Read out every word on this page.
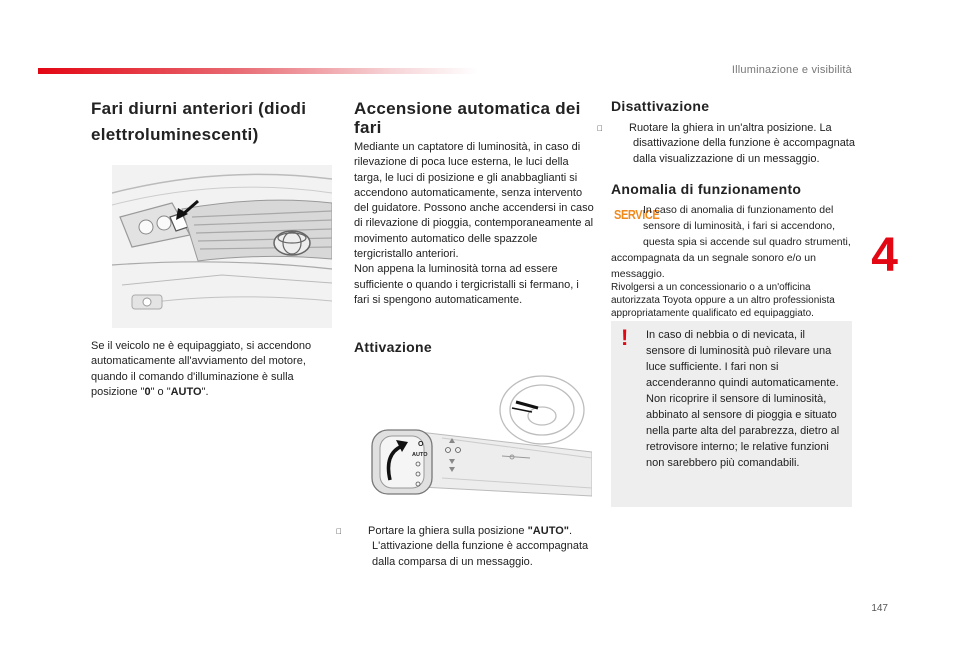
Illuminazione e visibilità
4
147
Fari diurni anteriori (diodi elettroluminescenti)

Se il veicolo ne è equipaggiato, si accendono automaticamente all'avviamento del motore, quando il comando d'illuminazione è sulla posizione "0" o "AUTO".

Accensione automatica dei fari

Mediante un captatore di luminosità, in caso di rilevazione di poca luce esterna, le luci della targa, le luci di posizione e gli anabbaglianti si accendono automaticamente, senza intervento del guidatore. Possono anche accendersi in caso di rilevazione di pioggia, contemporaneamente al movimento automatico delle spazzole tergicristallo anteriori.
Non appena la luminosità torna ad essere sufficiente o quando i tergicristalli si fermano, i fari si spengono automaticamente.

Attivazione
O
AUTO

Portare la ghiera sulla posizione "AUTO". L'attivazione della funzione è accompagnata dalla comparsa di un messaggio.

Disattivazione

Ruotare la ghiera in un'altra posizione. La disattivazione della funzione è accompagnata dalla visualizzazione di un messaggio.

Anomalia di funzionamento
SERVICE

In caso di anomalia di funzionamento del sensore di luminosità, i fari si accendono, questa spia si accende sul quadro strumenti, accompagnata da un segnale sonoro e/o un messaggio.

Rivolgersi a un concessionario o a un'officina autorizzata Toyota oppure a un altro professionista appropriatamente qualificato ed equipaggiato.

! In caso di nebbia o di nevicata, il sensore di luminosità può rilevare una luce sufficiente. I fari non si accenderanno quindi automaticamente. Non ricoprire il sensore di luminosità, abbinato al sensore di pioggia e situato nella parte alta del parabrezza, dietro al retrovisore interno; le relative funzioni non sarebbero più comandabili.
